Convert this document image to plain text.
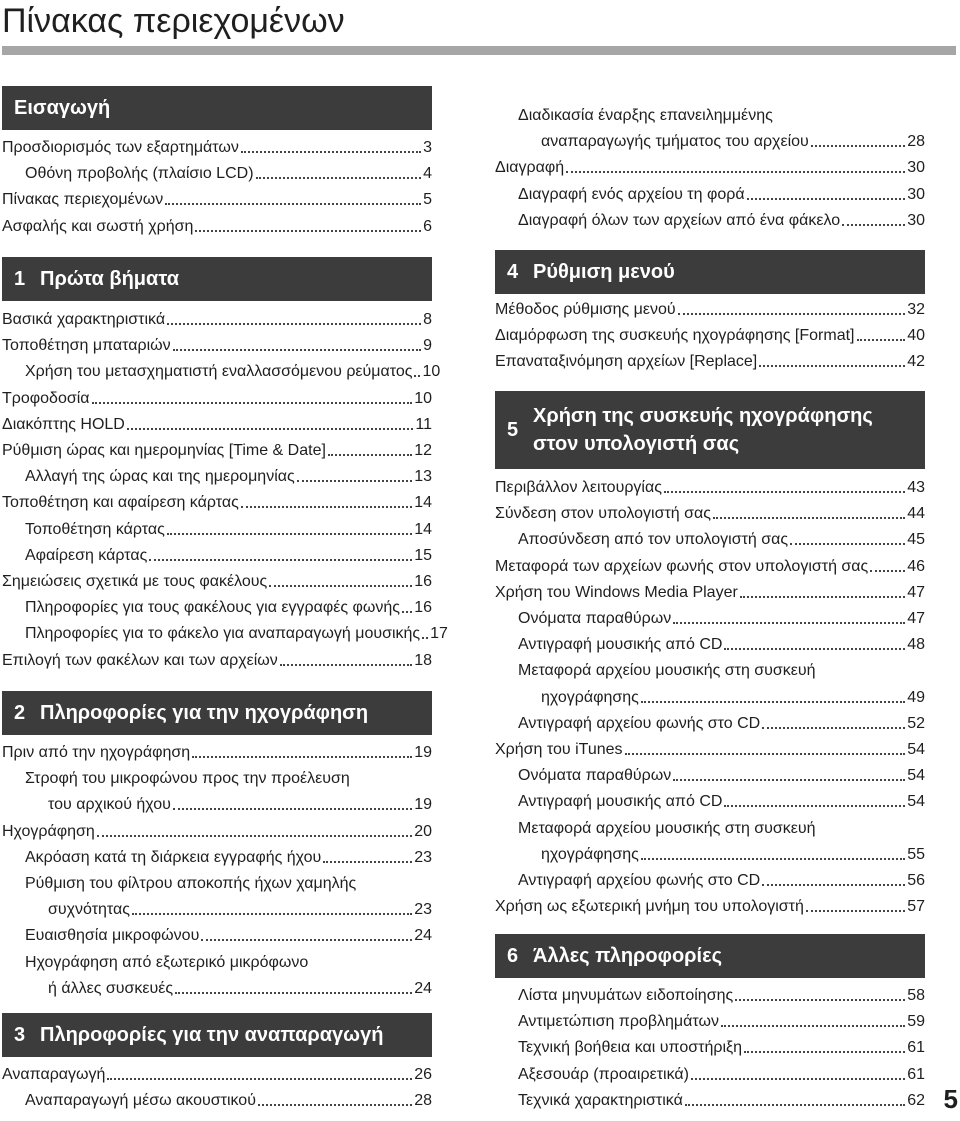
Πίνακας περιεχομένων
Εισαγωγή
Προσδιορισμός των εξαρτημάτων	3
Οθόνη προβολής (πλαίσιο LCD)	4
Πίνακας περιεχομένων	5
Ασφαλής και σωστή χρήση	6
1 Πρώτα βήματα
Βασικά χαρακτηριστικά	8
Τοποθέτηση μπαταριών	9
Χρήση του μετασχηματιστή εναλλασσόμενου ρεύματος 10
Τροφοδοσία	10
Διακόπτης HOLD	11
Ρύθμιση ώρας και ημερομηνίας [Time & Date]	12
Αλλαγή της ώρας και της ημερομηνίας	13
Τοποθέτηση και αφαίρεση κάρτας	14
Τοποθέτηση κάρτας	14
Αφαίρεση κάρτας	15
Σημειώσεις σχετικά με τους φακέλους	16
Πληροφορίες για τους φακέλους για εγγραφές φωνής 16
Πληροφορίες για το φάκελο για αναπαραγωγή μουσικής 17
Επιλογή των φακέλων και των αρχείων	18
2 Πληροφορίες για την ηχογράφηση
Πριν από την ηχογράφηση	19
Στροφή του μικροφώνου προς την προέλευση
του αρχικού ήχου	19
Ηχογράφηση	20
Ακρόαση κατά τη διάρκεια εγγραφής ήχου	23
Ρύθμιση του φίλτρου αποκοπής ήχων χαμηλής
συχνότητας	23
Ευαισθησία μικροφώνου	24
Ηχογράφηση από εξωτερικό μικρόφωνο
ή άλλες συσκευές	24
3 Πληροφορίες για την αναπαραγωγή
Αναπαραγωγή	26
Αναπαραγωγή μέσω ακουστικού	28
Διαδικασία έναρξης επανειλημμένης
αναπαραγωγής τμήματος του αρχείου	28
Διαγραφή	30
Διαγραφή ενός αρχείου τη φορά	30
Διαγραφή όλων των αρχείων από ένα φάκελο	30
4 Ρύθμιση μενού
Μέθοδος ρύθμισης μενού	32
Διαμόρφωση της συσκευής ηχογράφησης [Format]	40
Επαναταξινόμηση αρχείων [Replace]	42
5
Χρήση της συσκευής ηχογράφησης
στον υπολογιστή σας
Περιβάλλον λειτουργίας	43
Σύνδεση στον υπολογιστή σας	44
Αποσύνδεση από τον υπολογιστή σας	45
Μεταφορά των αρχείων φωνής στον υπολογιστή σας 46
Χρήση του Windows Media Player	47
Ονόματα παραθύρων	47
Αντιγραφή μουσικής από CD	48
Μεταφορά αρχείου μουσικής στη συσκευή
ηχογράφησης	49
Αντιγραφή αρχείου φωνής στο CD	52
Χρήση του iTunes	54
Ονόματα παραθύρων	54
Αντιγραφή μουσικής από CD	54
Μεταφορά αρχείου μουσικής στη συσκευή
ηχογράφησης	55
Αντιγραφή αρχείου φωνής στο CD	56
Χρήση ως εξωτερική μνήμη του υπολογιστή	57
6 Άλλες πληροφορίες
Λίστα μηνυμάτων ειδοποίησης	58
Αντιμετώπιση προβλημάτων	59
Τεχνική βοήθεια και υποστήριξη	61
Αξεσουάρ (προαιρετικά)	61
Τεχνικά χαρακτηριστικά	62 5
